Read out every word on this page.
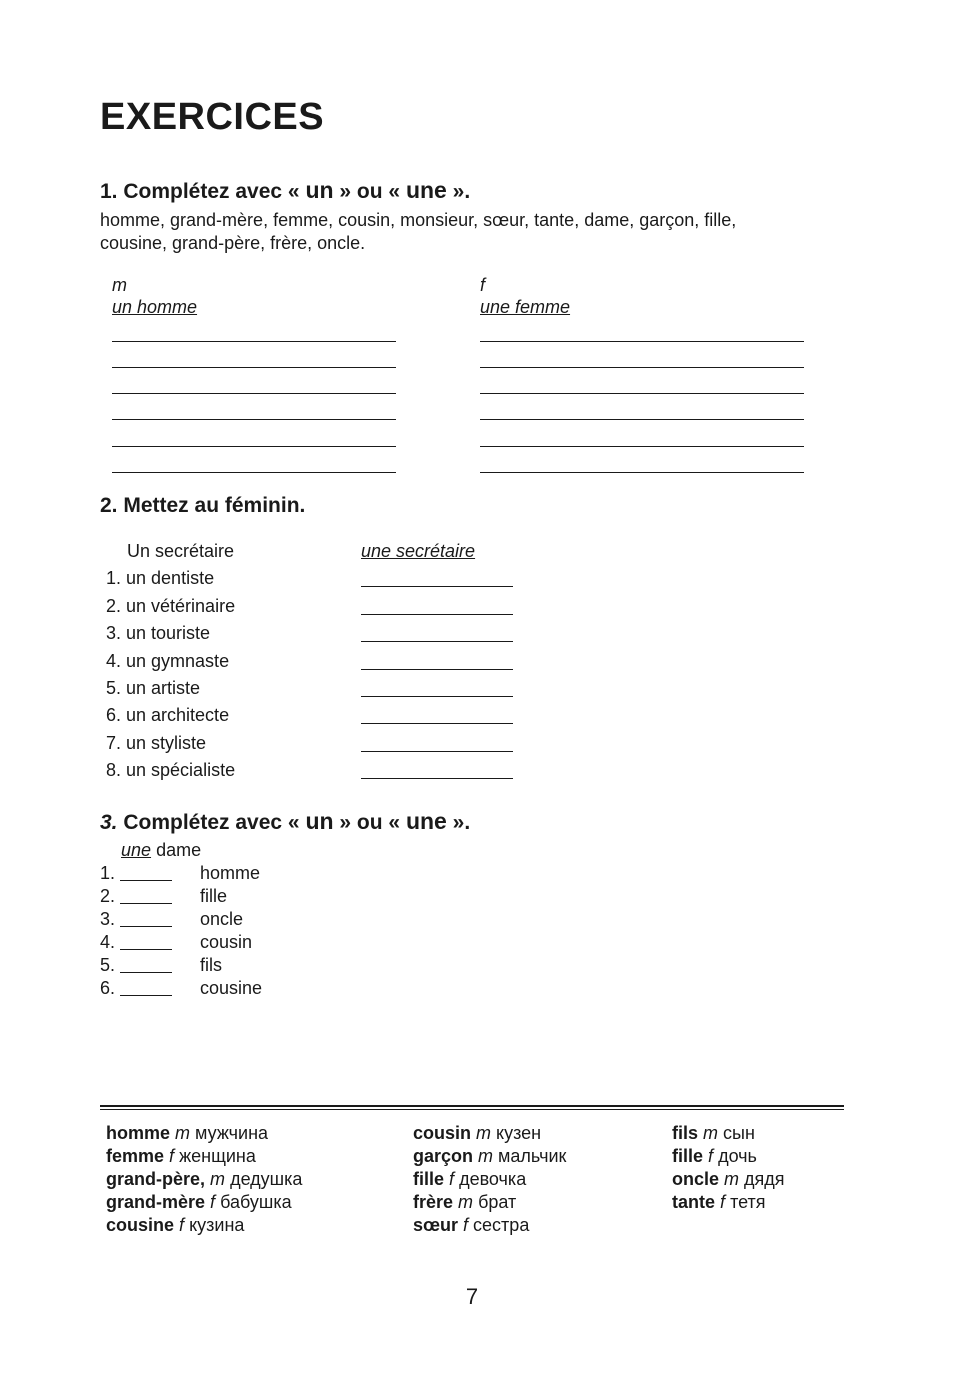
EXERCICES
1. Complétez avec « un » ou « une ».
homme, grand-mère, femme, cousin, monsieur, sœur, tante, dame, garçon, fille,
cousine, grand-père, frère, oncle.
m
un homme
f
une femme
2. Mettez au féminin.
Un secrétaire	une secrétaire
1. un dentiste
2. un vétérinaire
3. un touriste
4. un gymnaste
5. un artiste
6. un architecte
7. un styliste
8. un spécialiste
3. Complétez avec « un » ou « une ».
une dame
1.	homme
2.	fille
3.	oncle
4.	cousin
5.	fils
6.	cousine
homme m мужчина
femme f женщина
grand-père, m дедушка
grand-mère f бабушка
cousine f кузина
cousin m кузен
garçon m мальчик
fille f девочка
frère m брат
sœur f сестра
fils m сын
fille f дочь
oncle m дядя
tante f тетя
7
